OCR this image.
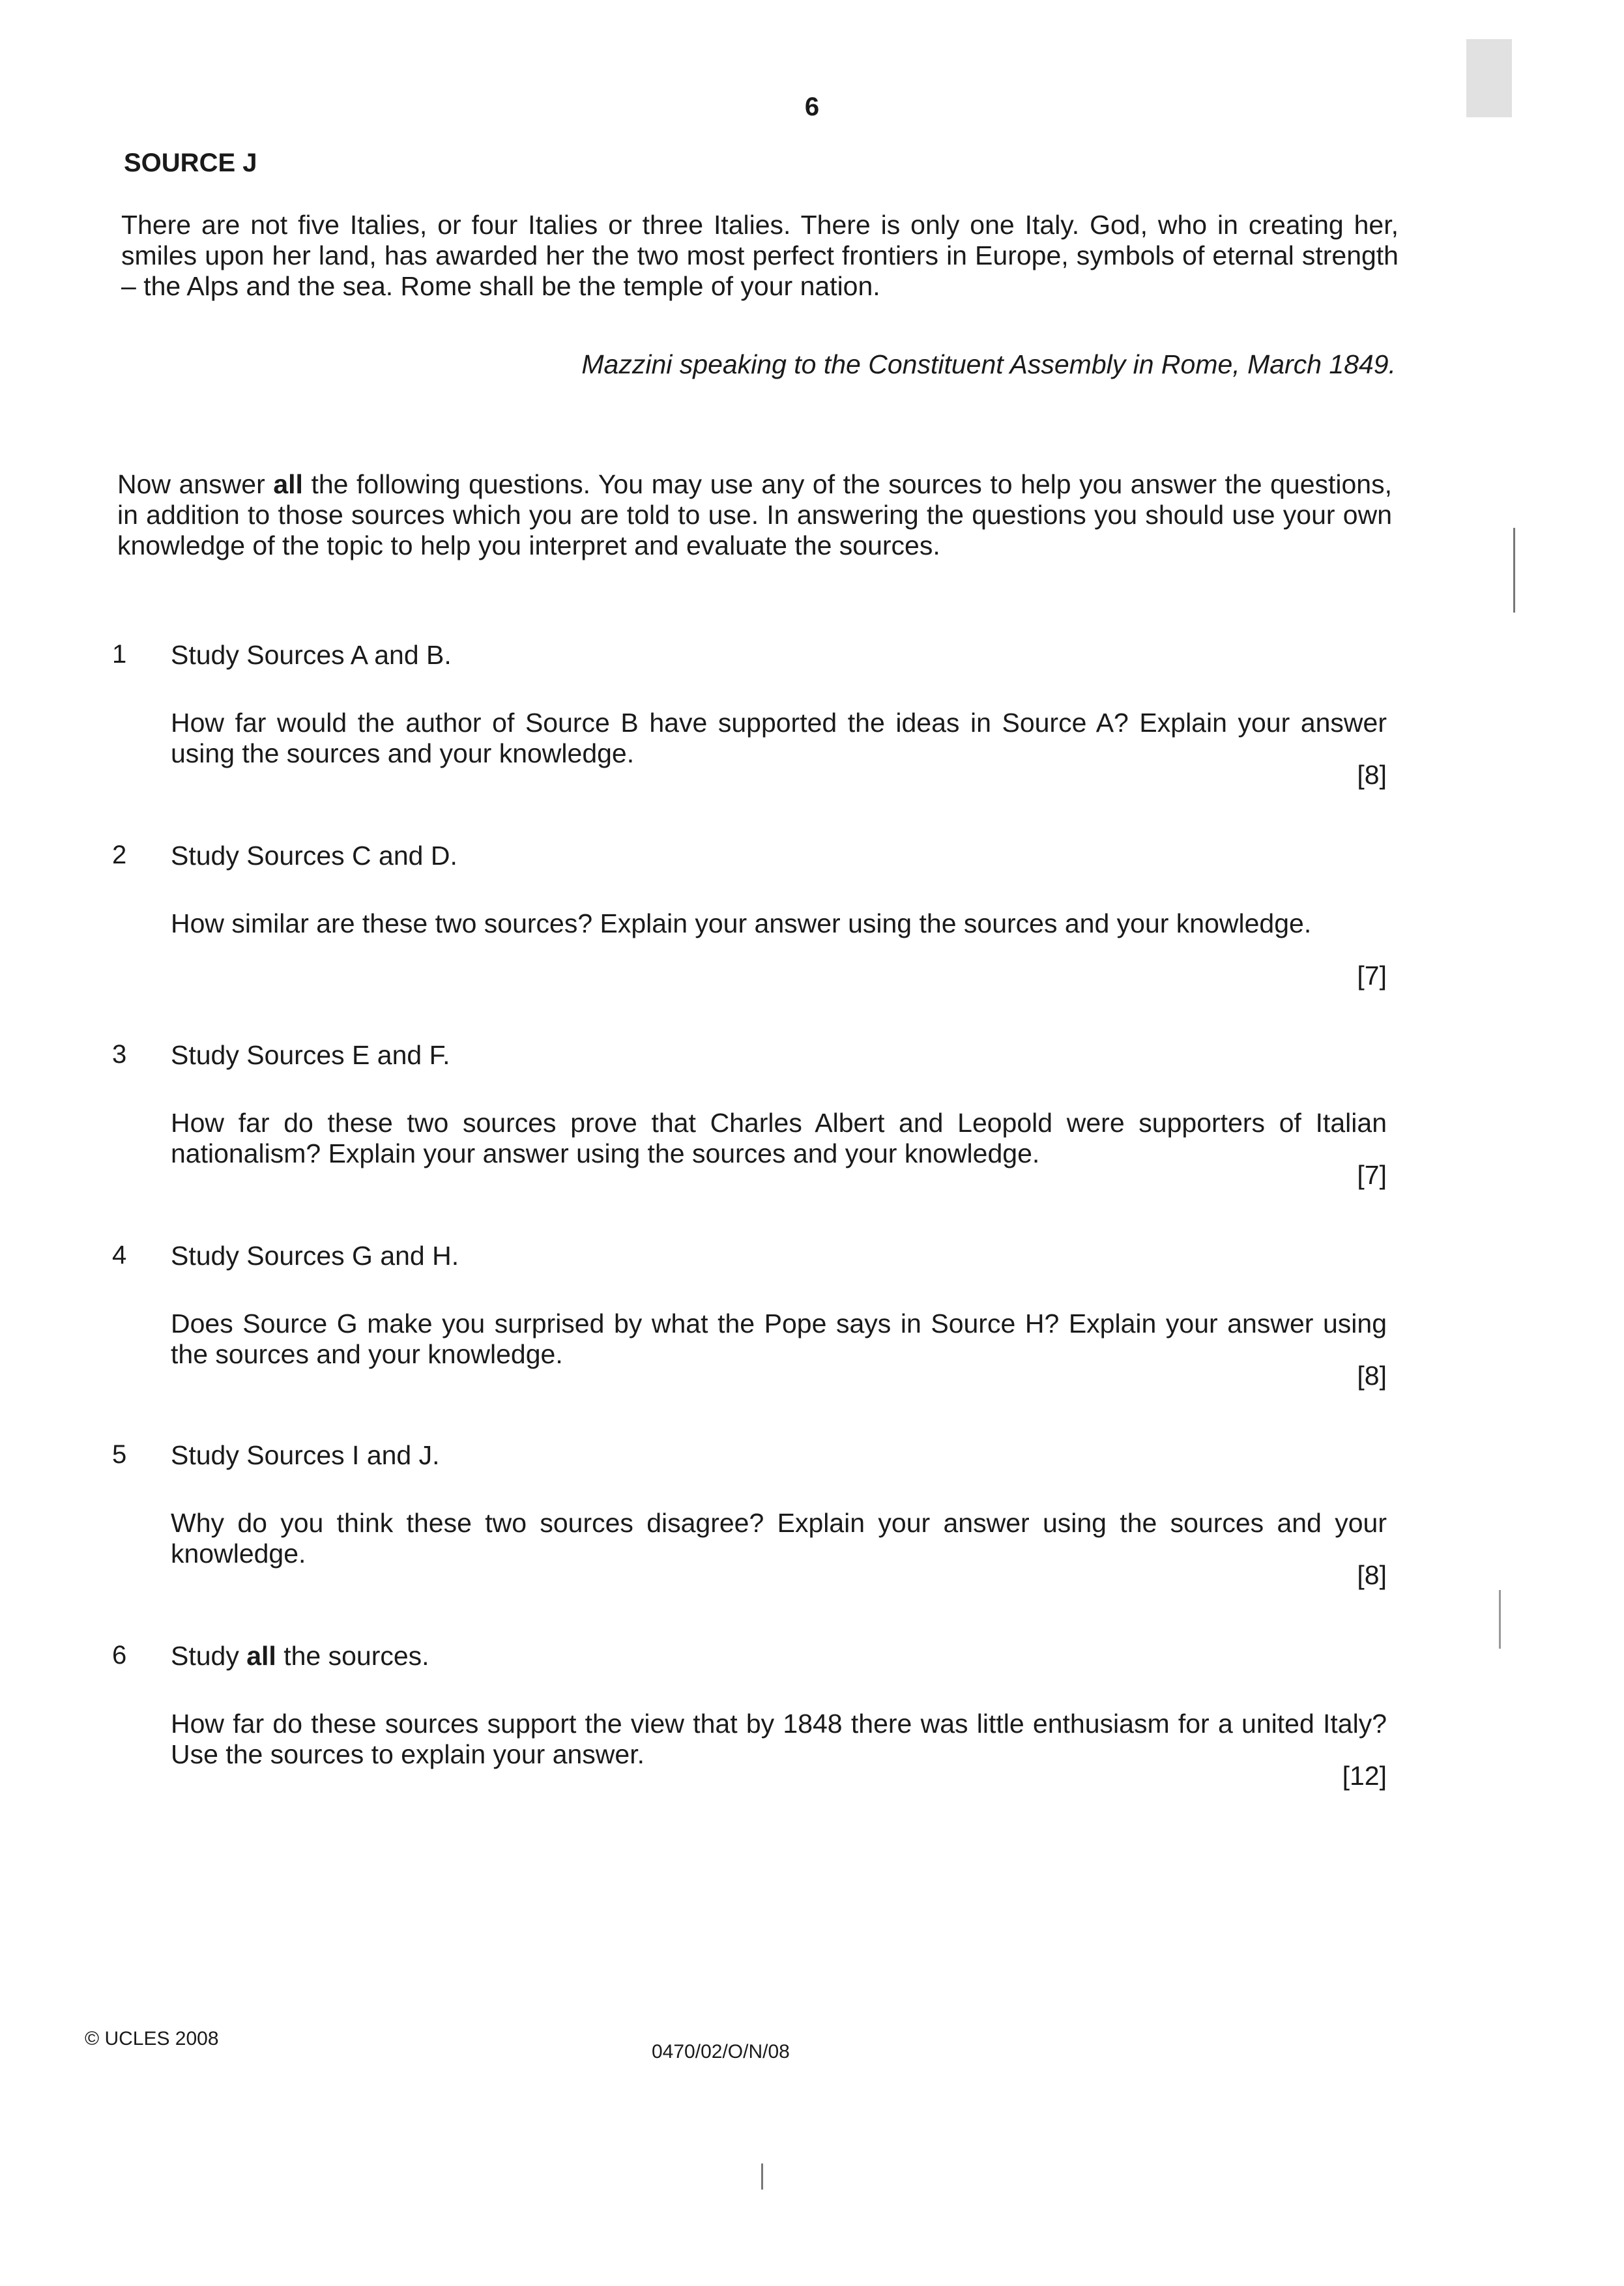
6
SOURCE J
There are not five Italies, or four Italies or three Italies. There is only one Italy. God, who in creating her, smiles upon her land, has awarded her the two most perfect frontiers in Europe, symbols of eternal strength – the Alps and the sea. Rome shall be the temple of your nation.
Mazzini speaking to the Constituent Assembly in Rome, March 1849.
Now answer all the following questions. You may use any of the sources to help you answer the questions, in addition to those sources which you are told to use. In answering the questions you should use your own knowledge of the topic to help you interpret and evaluate the sources.
1 Study Sources A and B.
How far would the author of Source B have supported the ideas in Source A? Explain your answer using the sources and your knowledge.
[8]
2 Study Sources C and D.
How similar are these two sources? Explain your answer using the sources and your knowledge.
[7]
3 Study Sources E and F.
How far do these two sources prove that Charles Albert and Leopold were supporters of Italian nationalism? Explain your answer using the sources and your knowledge.
[7]
4 Study Sources G and H.
Does Source G make you surprised by what the Pope says in Source H? Explain your answer using the sources and your knowledge.
[8]
5 Study Sources I and J.
Why do you think these two sources disagree? Explain your answer using the sources and your knowledge.
[8]
6 Study all the sources.
How far do these sources support the view that by 1848 there was little enthusiasm for a united Italy? Use the sources to explain your answer.
[12]
© UCLES 2008
0470/02/O/N/08
